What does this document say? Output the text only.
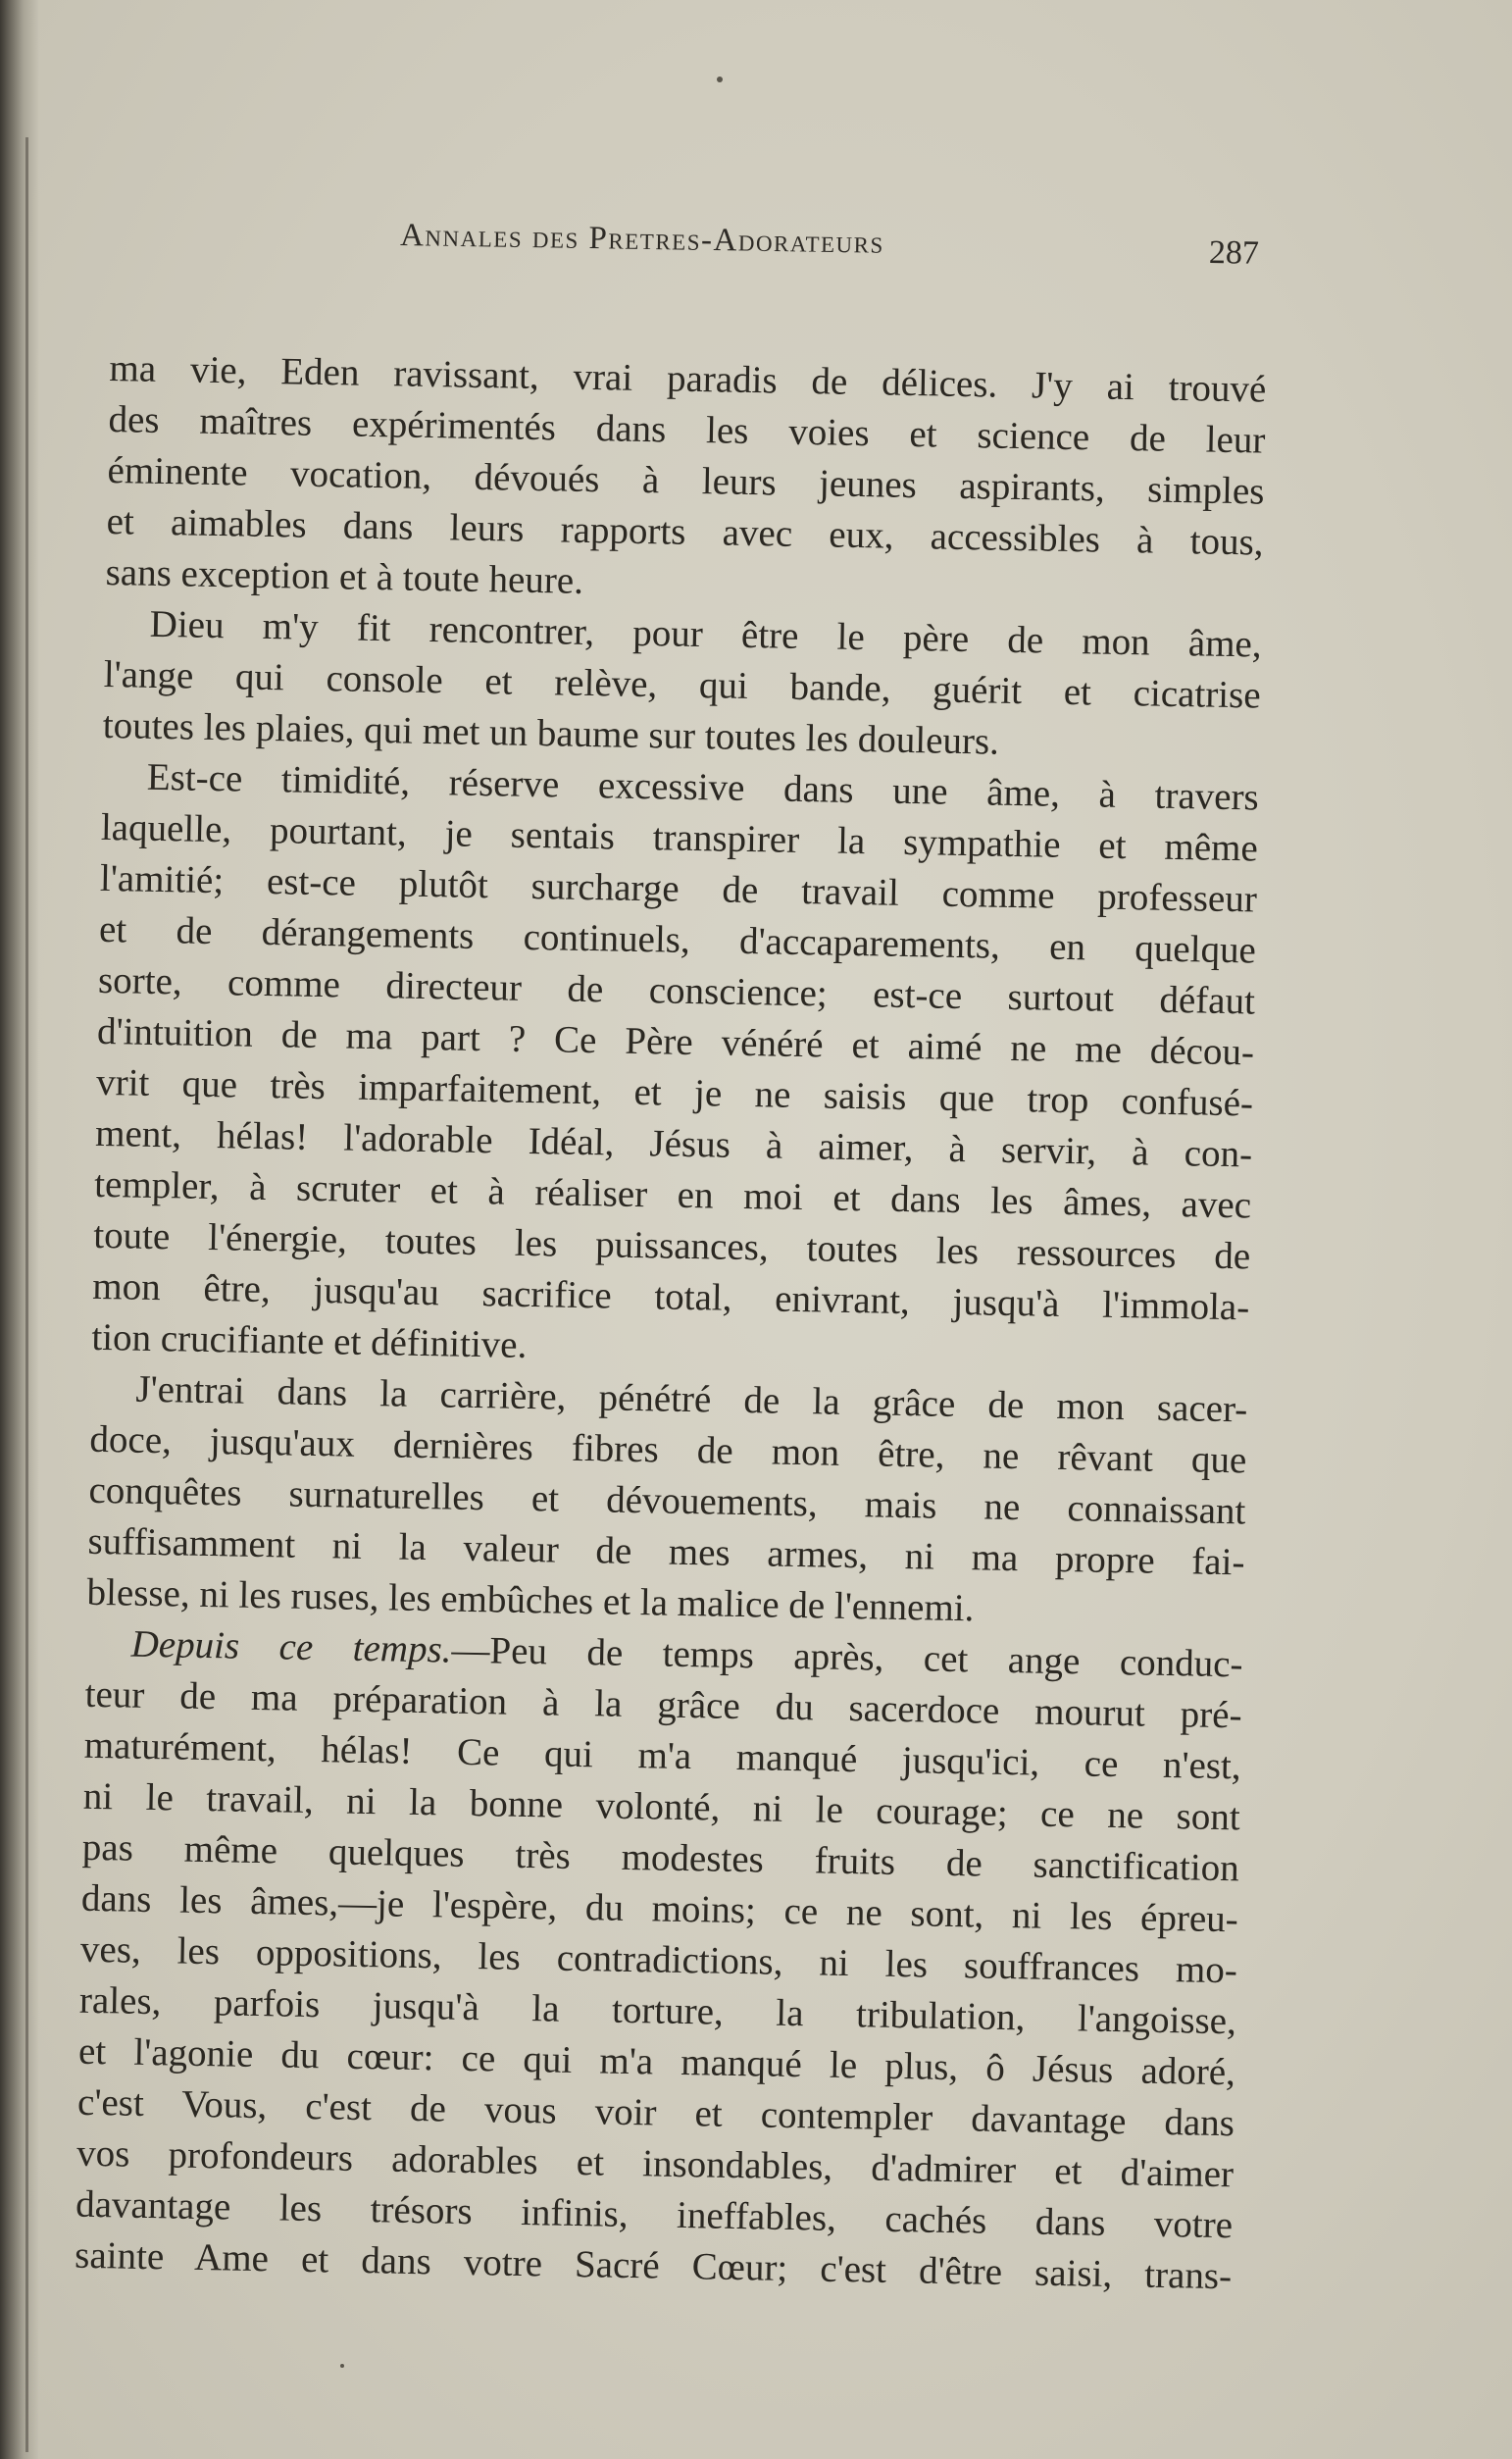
Annales des Pretres-Adorateurs	287
ma vie, Eden ravissant, vrai paradis de délices. J'y ai trouvé
des maîtres expérimentés dans les voies et science de leur
éminente vocation, dévoués à leurs jeunes aspirants, simples
et aimables dans leurs rapports avec eux, accessibles à tous,
sans exception et à toute heure.
Dieu m'y fit rencontrer, pour être le père de mon âme,
l'ange qui console et relève, qui bande, guérit et cicatrise
toutes les plaies, qui met un baume sur toutes les douleurs.
Est-ce timidité, réserve excessive dans une âme, à travers
laquelle, pourtant, je sentais transpirer la sympathie et même
l'amitié; est-ce plutôt surcharge de travail comme professeur
et de dérangements continuels, d'accaparements, en quelque
sorte, comme directeur de conscience; est-ce surtout défaut
d'intuition de ma part ? Ce Père vénéré et aimé ne me décou-
vrit que très imparfaitement, et je ne saisis que trop confusé-
ment, hélas! l'adorable Idéal, Jésus à aimer, à servir, à con-
templer, à scruter et à réaliser en moi et dans les âmes, avec
toute l'énergie, toutes les puissances, toutes les ressources de
mon être, jusqu'au sacrifice total, enivrant, jusqu'à l'immola-
tion crucifiante et définitive.
J'entrai dans la carrière, pénétré de la grâce de mon sacer-
doce, jusqu'aux dernières fibres de mon être, ne rêvant que
conquêtes surnaturelles et dévouements, mais ne connaissant
suffisamment ni la valeur de mes armes, ni ma propre fai-
blesse, ni les ruses, les embûches et la malice de l'ennemi.
Depuis ce temps.—Peu de temps après, cet ange conduc-
teur de ma préparation à la grâce du sacerdoce mourut pré-
maturément, hélas! Ce qui m'a manqué jusqu'ici, ce n'est,
ni le travail, ni la bonne volonté, ni le courage; ce ne sont
pas même quelques très modestes fruits de sanctification
dans les âmes,—je l'espère, du moins; ce ne sont, ni les épreu-
ves, les oppositions, les contradictions, ni les souffrances mo-
rales, parfois jusqu'à la torture, la tribulation, l'angoisse,
et l'agonie du cœur: ce qui m'a manqué le plus, ô Jésus adoré,
c'est Vous, c'est de vous voir et contempler davantage dans
vos profondeurs adorables et insondables, d'admirer et d'aimer
davantage les trésors infinis, ineffables, cachés dans votre
sainte Ame et dans votre Sacré Cœur; c'est d'être saisi, trans-
